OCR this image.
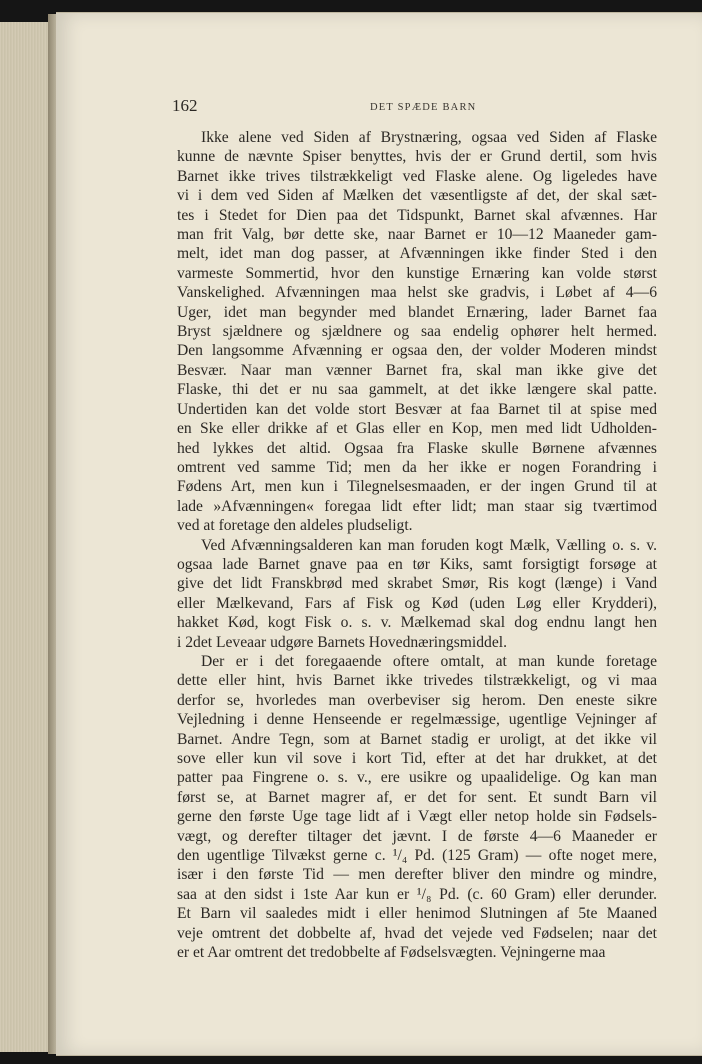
162	DET SPÆDE BARN
Ikke alene ved Siden af Brystnæring, ogsaa ved Siden af Flaske
kunne de nævnte Spiser benyttes, hvis der er Grund dertil, som hvis
Barnet ikke trives tilstrækkeligt ved Flaske alene. Og ligeledes have
vi i dem ved Siden af Mælken det væsentligste af det, der skal sæt-
tes i Stedet for Dien paa det Tidspunkt, Barnet skal afvænnes. Har
man frit Valg, bør dette ske, naar Barnet er 10—12 Maaneder gam-
melt, idet man dog passer, at Afvænningen ikke finder Sted i den
varmeste Sommertid, hvor den kunstige Ernæring kan volde størst
Vanskelighed. Afvænningen maa helst ske gradvis, i Løbet af 4—6
Uger, idet man begynder med blandet Ernæring, lader Barnet faa
Bryst sjældnere og sjældnere og saa endelig ophører helt hermed.
Den langsomme Afvænning er ogsaa den, der volder Moderen mindst
Besvær. Naar man vænner Barnet fra, skal man ikke give det
Flaske, thi det er nu saa gammelt, at det ikke længere skal patte.
Undertiden kan det volde stort Besvær at faa Barnet til at spise med
en Ske eller drikke af et Glas eller en Kop, men med lidt Udholden-
hed lykkes det altid. Ogsaa fra Flaske skulle Børnene afvænnes
omtrent ved samme Tid; men da her ikke er nogen Forandring i
Fødens Art, men kun i Tilegnelsesmaaden, er der ingen Grund til at
lade »Afvænningen« foregaa lidt efter lidt; man staar sig tværtimod
ved at foretage den aldeles pludseligt.
Ved Afvænningsalderen kan man foruden kogt Mælk, Vælling o. s. v.
ogsaa lade Barnet gnave paa en tør Kiks, samt forsigtigt forsøge at
give det lidt Franskbrød med skrabet Smør, Ris kogt (længe) i Vand
eller Mælkevand, Fars af Fisk og Kød (uden Løg eller Krydderi),
hakket Kød, kogt Fisk o. s. v. Mælkemad skal dog endnu langt hen
i 2det Leveaar udgøre Barnets Hovednæringsmiddel.
Der er i det foregaaende oftere omtalt, at man kunde foretage
dette eller hint, hvis Barnet ikke trivedes tilstrækkeligt, og vi maa
derfor se, hvorledes man overbeviser sig herom. Den eneste sikre
Vejledning i denne Henseende er regelmæssige, ugentlige Vejninger af
Barnet. Andre Tegn, som at Barnet stadig er uroligt, at det ikke vil
sove eller kun vil sove i kort Tid, efter at det har drukket, at det
patter paa Fingrene o. s. v., ere usikre og upaalidelige. Og kan man
først se, at Barnet magrer af, er det for sent. Et sundt Barn vil
gerne den første Uge tage lidt af i Vægt eller netop holde sin Fødsels-
vægt, og derefter tiltager det jævnt. I de første 4—6 Maaneder er
den ugentlige Tilvækst gerne c. ¹/₄ Pd. (125 Gram) — ofte noget mere,
især i den første Tid — men derefter bliver den mindre og mindre,
saa at den sidst i 1ste Aar kun er ¹/₈ Pd. (c. 60 Gram) eller derunder.
Et Barn vil saaledes midt i eller henimod Slutningen af 5te Maaned
veje omtrent det dobbelte af, hvad det vejede ved Fødselen; naar det
er et Aar omtrent det tredobbelte af Fødselsvægten. Vejningerne maa
